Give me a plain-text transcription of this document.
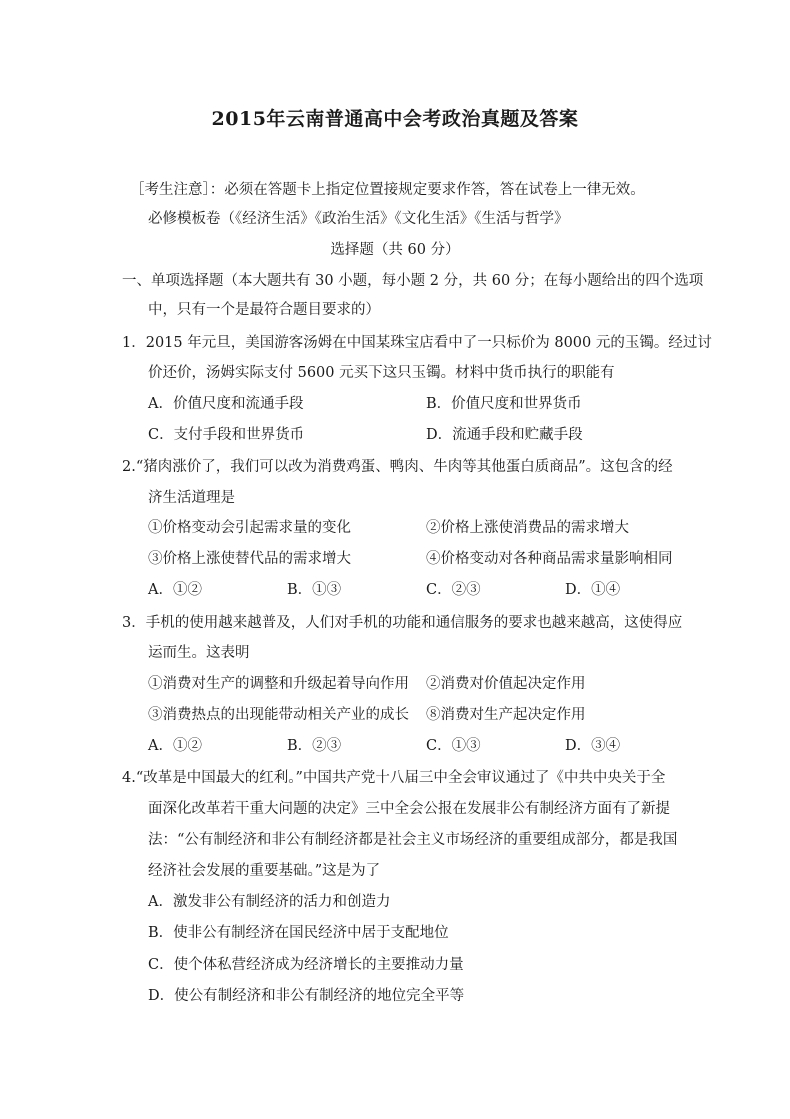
2015年云南普通高中会考政治真题及答案
［考生注意］：必须在答题卡上指定位置接规定要求作答，答在试卷上一律无效。
必修模板卷（《经济生活》《政治生活》《文化生活》《生活与哲学》
选择题（共 60 分）
一、单项选择题（本大题共有 30 小题，每小题 2 分，共 60 分；在每小题给出的四个选项
中，只有一个是最符合题目要求的）
1．2015 年元旦，美国游客汤姆在中国某珠宝店看中了一只标价为 8000 元的玉镯。经过讨
价还价，汤姆实际支付 5600 元买下这只玉镯。材料中货币执行的职能有
A．价值尺度和流通手段	B．价值尺度和世界货币
C．支付手段和世界货币	D．流通手段和贮藏手段
2.“猪肉涨价了，我们可以改为消费鸡蛋、鸭肉、牛肉等其他蛋白质商品”。这包含的经
济生活道理是
①价格变动会引起需求量的变化	②价格上涨使消费品的需求增大
③价格上涨使替代品的需求增大	④价格变动对各种商品需求量影响相同
A．①②	B．①③	C．②③	D．①④
3．手机的使用越来越普及，人们对手机的功能和通信服务的要求也越来越高，这使得应
运而生。这表明
①消费对生产的调整和升级起着导向作用 ②消费对价值起决定作用
③消费热点的出现能带动相关产业的成长 ⑧消费对生产起决定作用
A．①②	B．②③	C．①③	D．③④
4.“改革是中国最大的红利。”中国共产党十八届三中全会审议通过了《中共中央关于全
面深化改革若干重大问题的决定》三中全会公报在发展非公有制经济方面有了新提
法：“公有制经济和非公有制经济都是社会主义市场经济的重要组成部分，都是我国
经济社会发展的重要基础。”这是为了
A．激发非公有制经济的活力和创造力
B．使非公有制经济在国民经济中居于支配地位
C．使个体私营经济成为经济增长的主要推动力量
D．使公有制经济和非公有制经济的地位完全平等
